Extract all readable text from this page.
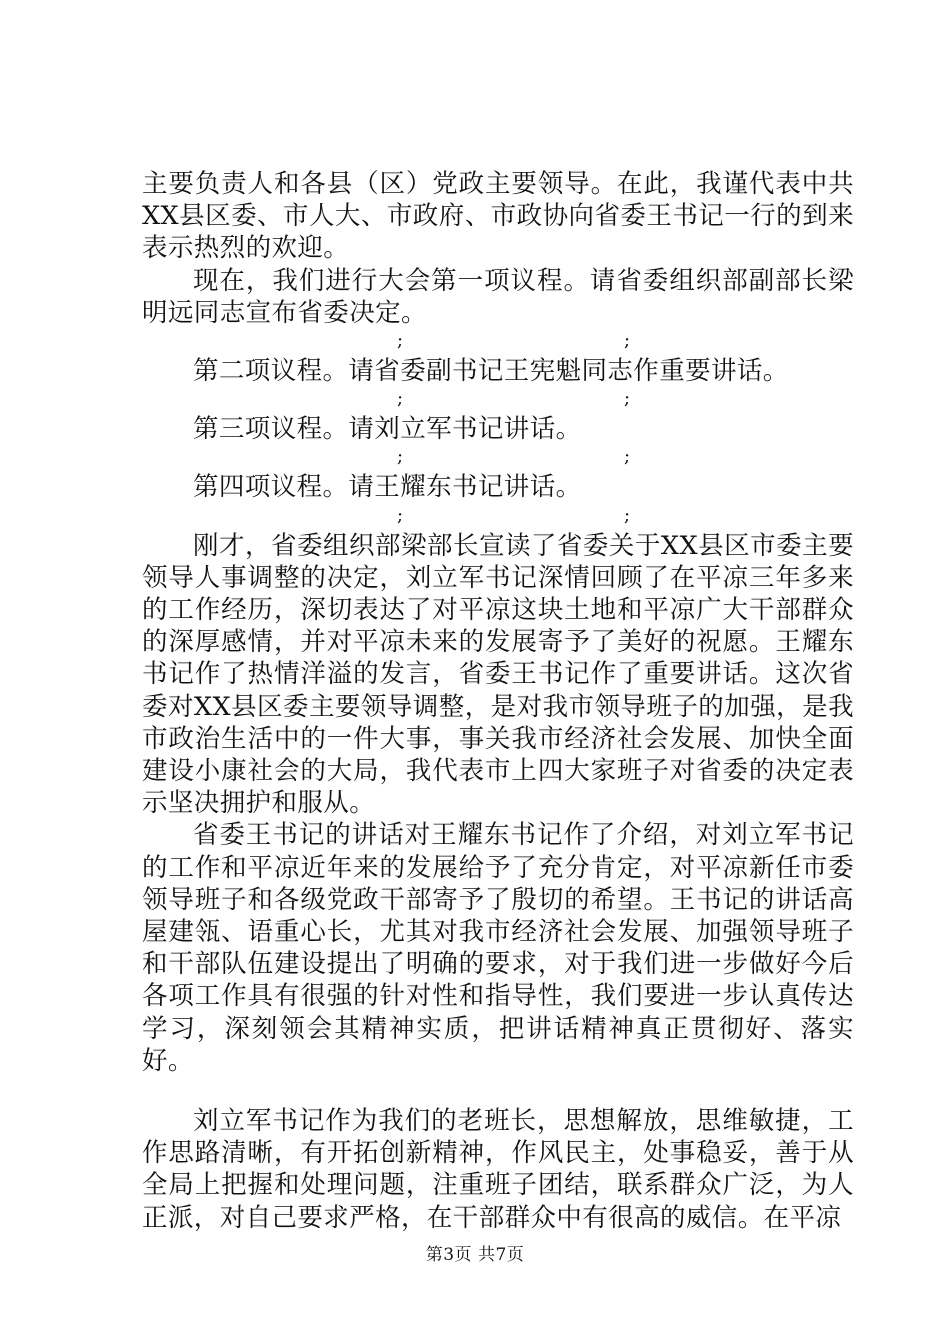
主要负责人和各县（区）党政主要领导。在此，我谨代表中共XX县区委、市人大、市政府、市政协向省委王书记一行的到来表示热烈的欢迎。

现在，我们进行大会第一项议程。请省委组织部副部长梁明远同志宣布省委决定。

;	;

第二项议程。请省委副书记王宪魁同志作重要讲话。

;	;

第三项议程。请刘立军书记讲话。

;	;

第四项议程。请王耀东书记讲话。

;	;

刚才，省委组织部梁部长宣读了省委关于XX县区市委主要领导人事调整的决定，刘立军书记深情回顾了在平凉三年多来的工作经历，深切表达了对平凉这块土地和平凉广大干部群众的深厚感情，并对平凉未来的发展寄予了美好的祝愿。王耀东书记作了热情洋溢的发言，省委王书记作了重要讲话。这次省委对XX县区委主要领导调整，是对我市领导班子的加强，是我市政治生活中的一件大事，事关我市经济社会发展、加快全面建设小康社会的大局，我代表市上四大家班子对省委的决定表示坚决拥护和服从。

省委王书记的讲话对王耀东书记作了介绍，对刘立军书记的工作和平凉近年来的发展给予了充分肯定，对平凉新任市委领导班子和各级党政干部寄予了殷切的希望。王书记的讲话高屋建瓴、语重心长，尤其对我市经济社会发展、加强领导班子和干部队伍建设提出了明确的要求，对于我们进一步做好今后各项工作具有很强的针对性和指导性，我们要进一步认真传达学习，深刻领会其精神实质，把讲话精神真正贯彻好、落实好。

刘立军书记作为我们的老班长，思想解放，思维敏捷，工作思路清晰，有开拓创新精神，作风民主，处事稳妥，善于从全局上把握和处理问题，注重班子团结，联系群众广泛，为人正派，对自己要求严格，在干部群众中有很高的威信。在平凉

第3页 共7页
